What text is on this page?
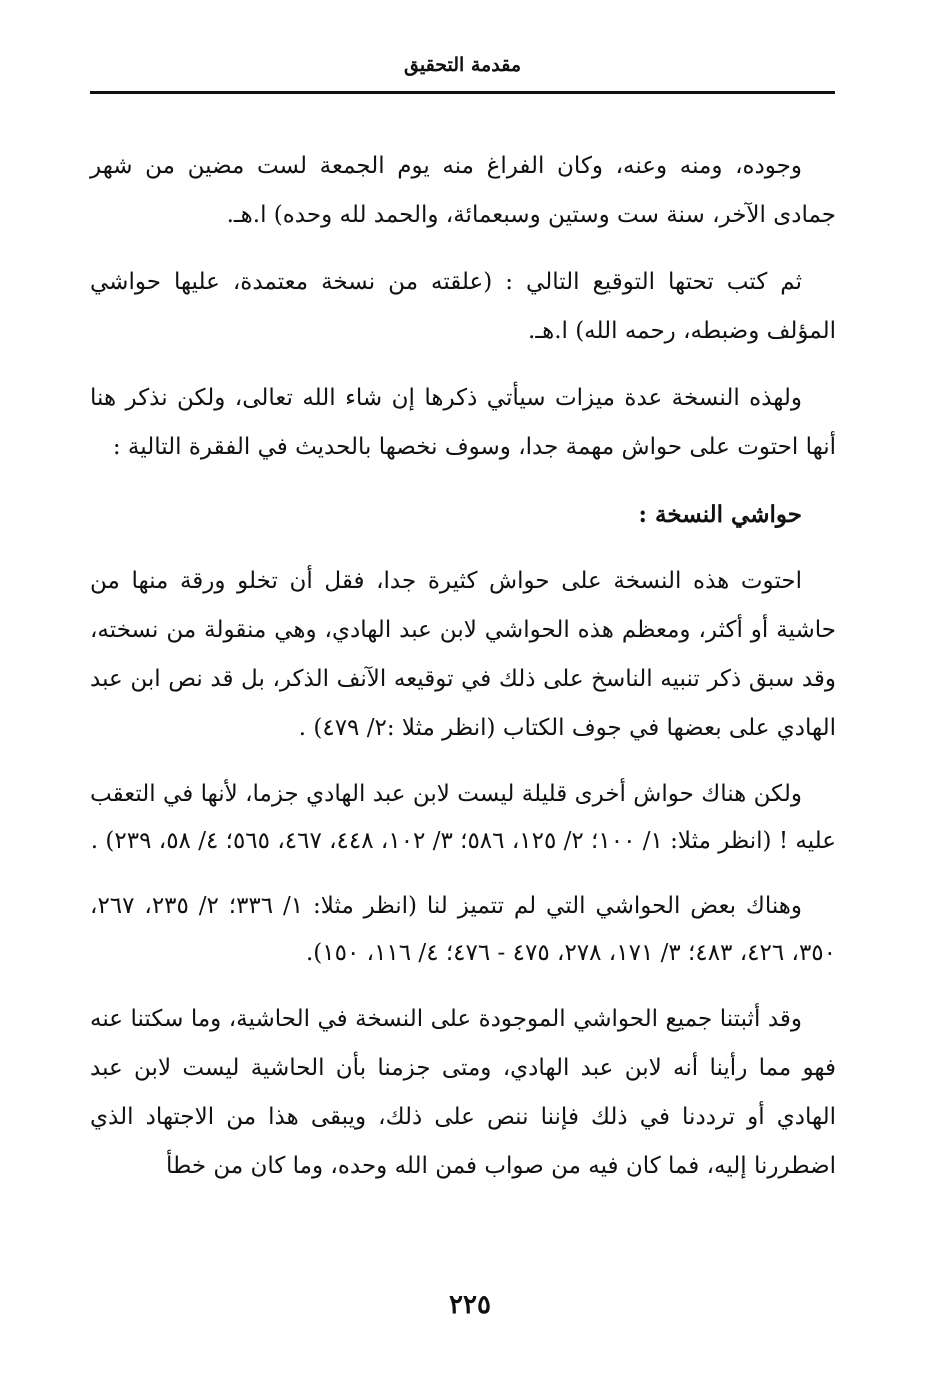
مقدمة التحقيق

وجوده، ومنه وعنه، وكان الفراغ منه يوم الجمعة لست مضين من شهر جمادى الآخر، سنة ست وستين وسبعمائة، والحمد لله وحده) ا.هـ.

ثم كتب تحتها التوقيع التالي : (علقته من نسخة معتمدة، عليها حواشي المؤلف وضبطه، رحمه الله) ا.هـ.

ولهذه النسخة عدة ميزات سيأتي ذكرها إن شاء الله تعالى، ولكن نذكر هنا أنها احتوت على حواش مهمة جدا، وسوف نخصها بالحديث في الفقرة التالية :

حواشي النسخة :

احتوت هذه النسخة على حواش كثيرة جدا، فقل أن تخلو ورقة منها من حاشية أو أكثر، ومعظم هذه الحواشي لابن عبد الهادي، وهي منقولة من نسخته، وقد سبق ذكر تنبيه الناسخ على ذلك في توقيعه الآنف الذكر، بل قد نص ابن عبد الهادي على بعضها في جوف الكتاب (انظر مثلا :٢/ ٤٧٩) .

ولكن هناك حواش أخرى قليلة ليست لابن عبد الهادي جزما، لأنها في التعقب عليه ! (انظر مثلا: ١/ ١٠٠؛ ٢/ ١٢٥، ٥٨٦؛ ٣/ ١٠٢، ٤٤٨، ٤٦٧، ٥٦٥؛ ٤/ ٥٨، ٢٣٩) .

وهناك بعض الحواشي التي لم تتميز لنا (انظر مثلا: ١/ ٣٣٦؛ ٢/ ٢٣٥، ٢٦٧، ٣٥٠، ٤٢٦، ٤٨٣؛ ٣/ ١٧١، ٢٧٨، ٤٧٥ - ٤٧٦؛ ٤/ ١١٦، ١٥٠).

وقد أثبتنا جميع الحواشي الموجودة على النسخة في الحاشية، وما سكتنا عنه فهو مما رأينا أنه لابن عبد الهادي، ومتى جزمنا بأن الحاشية ليست لابن عبد الهادي أو ترددنا في ذلك فإننا ننص على ذلك، ويبقى هذا من الاجتهاد الذي اضطررنا إليه، فما كان فيه من صواب فمن الله وحده، وما كان من خطأ

٢٢٥
